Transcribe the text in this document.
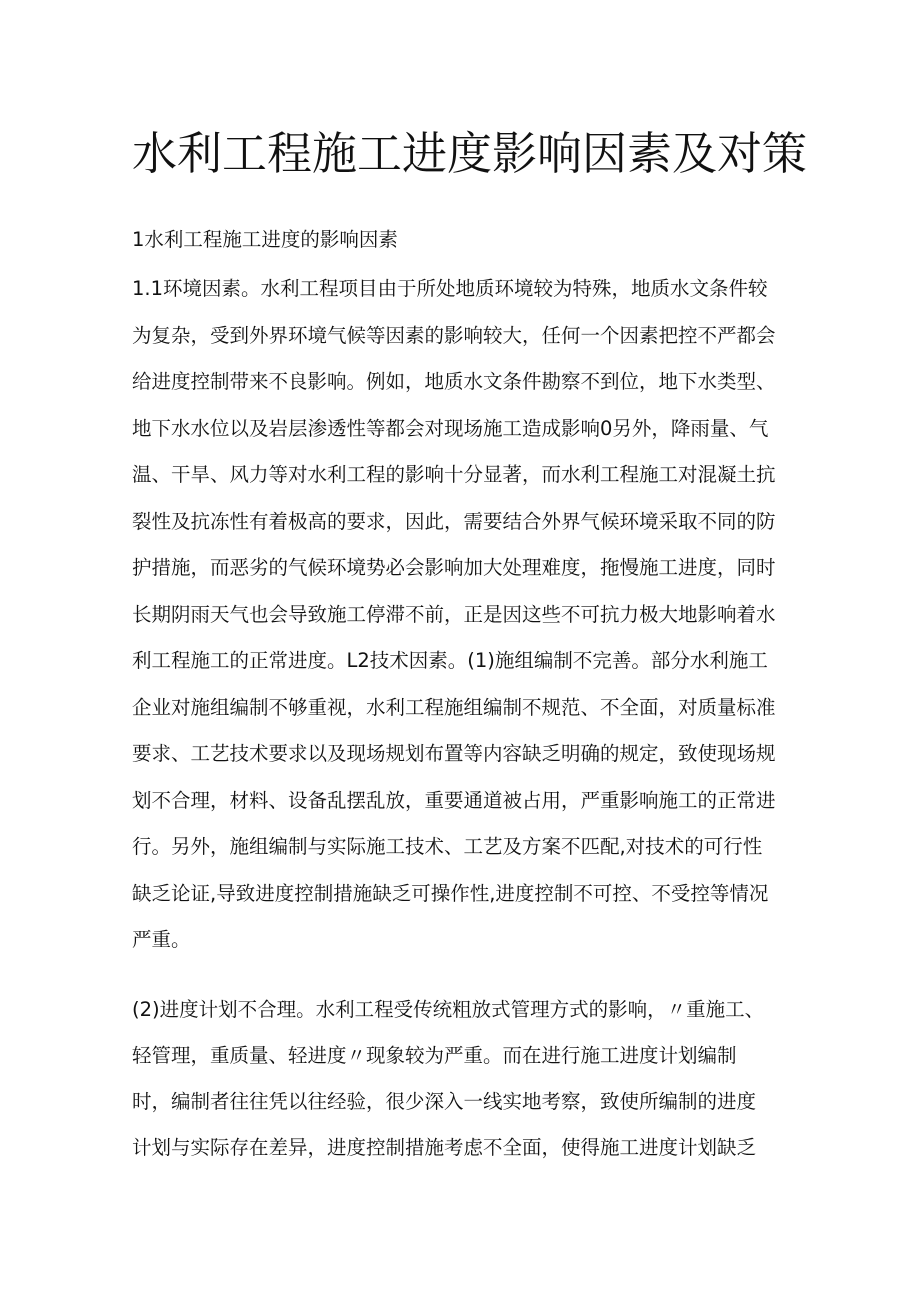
水利工程施工进度影响因素及对策
1水利工程施工进度的影响因素
1.1环境因素。水利工程项目由于所处地质环境较为特殊，地质水文条件较
为复杂，受到外界环境气候等因素的影响较大，任何一个因素把控不严都会
给进度控制带来不良影响。例如，地质水文条件勘察不到位，地下水类型、
地下水水位以及岩层渗透性等都会对现场施工造成影响0另外，降雨量、气
温、干旱、风力等对水利工程的影响十分显著，而水利工程施工对混凝土抗
裂性及抗冻性有着极高的要求，因此，需要结合外界气候环境采取不同的防
护措施，而恶劣的气候环境势必会影响加大处理难度，拖慢施工进度，同时
长期阴雨天气也会导致施工停滞不前，正是因这些不可抗力极大地影响着水
利工程施工的正常进度。L2技术因素。(1)施组编制不完善。部分水利施工
企业对施组编制不够重视，水利工程施组编制不规范、不全面，对质量标准
要求、工艺技术要求以及现场规划布置等内容缺乏明确的规定，致使现场规
划不合理，材料、设备乱摆乱放，重要通道被占用，严重影响施工的正常进
行。另外，施组编制与实际施工技术、工艺及方案不匹配,对技术的可行性
缺乏论证,导致进度控制措施缺乏可操作性,进度控制不可控、不受控等情况
严重。
(2)进度计划不合理。水利工程受传统粗放式管理方式的影响，〃重施工、
轻管理，重质量、轻进度〃现象较为严重。而在进行施工进度计划编制
时，编制者往往凭以往经验，很少深入一线实地考察，致使所编制的进度
计划与实际存在差异，进度控制措施考虑不全面，使得施工进度计划缺乏
